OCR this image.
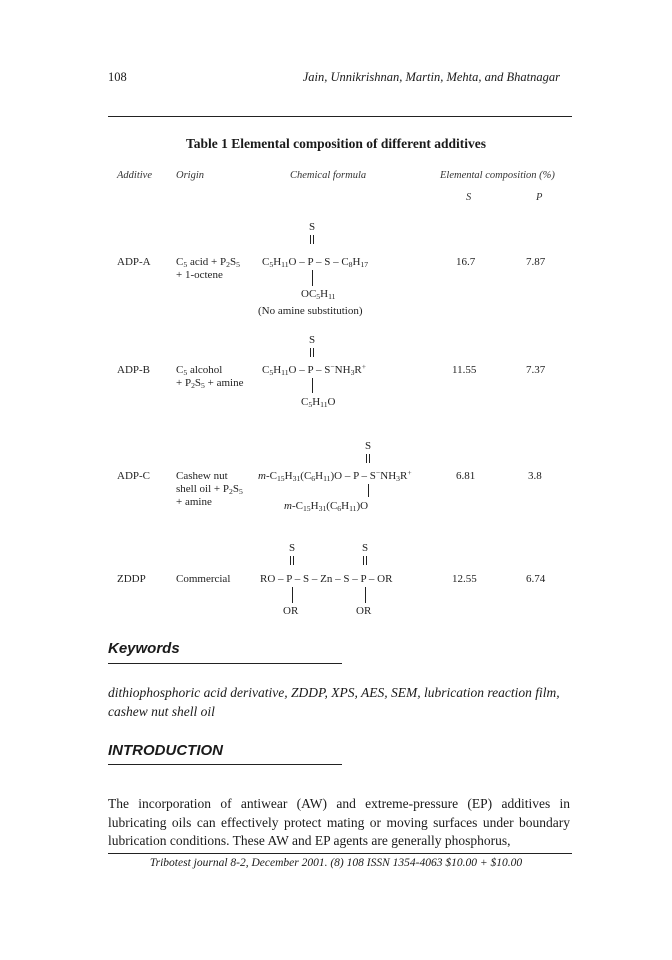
108	Jain, Unnikrishnan, Martin, Mehta, and Bhatnagar
Table 1 Elemental composition of different additives
Additive Origin	Chemical formula	Elemental composition (%)
S	P
ADP-A $C_5$ acid + $P_2S_5$
+ 1-octene
S
$C_5H_{11}O$ – P – S – $C_8H_{17}$
$OC_5H_{11}$
(No amine substitution)
16.7	7.87
ADP-B $C_5$ alcohol
+ $P_2S_5 + amine$
S
$C_5H_{11}O$ – P – $S^-NH_3R^+$
$C_5H_{11}O$
11.55	7.37
ADP-C Cashew nut
shell oil + $P_2S_5$
+ amine
S
$m-C_{15}H_{31}(C_6H_{11})O$ – P – $S^-NH_3R^+$
$m-C_{15}H_{31}(C_6H_{11})O$
6.81	3.8
ZDDP	Commercial
S	S
RO – P – S – Zn – S – P – OR
OR	OR
12.55	6.74
Keywords
dithiophosphoric acid derivative, ZDDP, XPS, AES, SEM, lubrication reaction film, cashew nut shell oil
INTRODUCTION
The incorporation of antiwear (AW) and extreme-pressure (EP) additives in lubricating oils can effectively protect mating or moving surfaces under boundary lubrication conditions. These AW and EP agents are generally phosphorus,
Tribotest journal 8-2, December 2001. (8) 108 ISSN 1354-4063 $10.00 + $10.00
